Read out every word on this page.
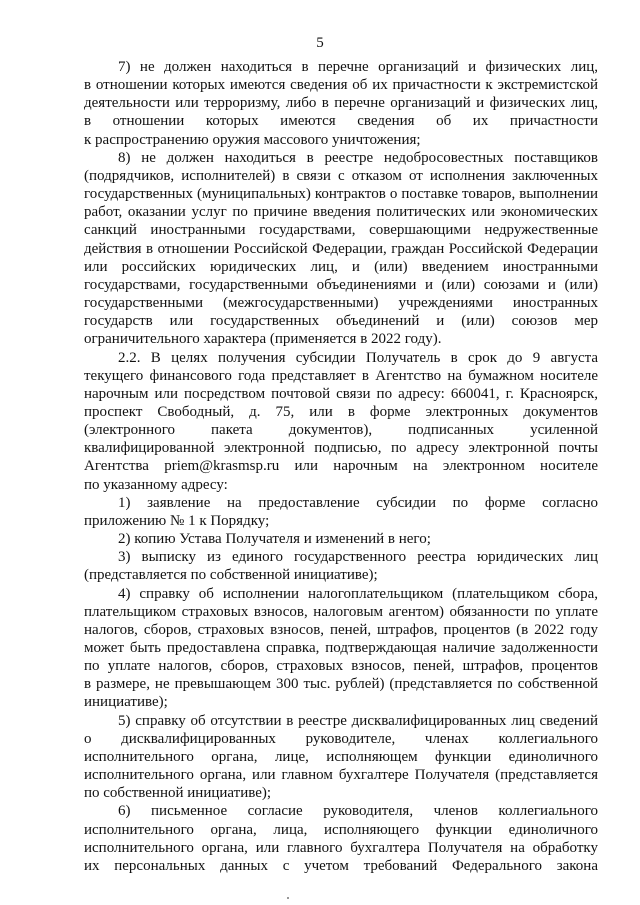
5
7) не должен находиться в перечне организаций и физических лиц,
в отношении которых имеются сведения об их причастности к экстремистской
деятельности или терроризму, либо в перечне организаций и физических лиц,
в отношении которых имеются сведения об их причастности
к распространению оружия массового уничтожения;
8) не должен находиться в реестре недобросовестных поставщиков
(подрядчиков, исполнителей) в связи с отказом от исполнения заключенных
государственных (муниципальных) контрактов о поставке товаров, выполнении
работ, оказании услуг по причине введения политических или экономических
санкций иностранными государствами, совершающими недружественные
действия в отношении Российской Федерации, граждан Российской Федерации
или российских юридических лиц, и (или) введением иностранными
государствами, государственными объединениями и (или) союзами и (или)
государственными (межгосударственными) учреждениями иностранных
государств или государственных объединений и (или) союзов мер
ограничительного характера (применяется в 2022 году).
2.2. В целях получения субсидии Получатель в срок до 9 августа
текущего финансового года представляет в Агентство на бумажном носителе
нарочным или посредством почтовой связи по адресу: 660041, г. Красноярск,
проспект Свободный, д. 75, или в форме электронных документов
(электронного пакета документов), подписанных усиленной
квалифицированной электронной подписью, по адресу электронной почты
Агентства priem@krasmsp.ru или нарочным на электронном носителе
по указанному адресу:
1) заявление на предоставление субсидии по форме согласно
приложению № 1 к Порядку;
2) копию Устава Получателя и изменений в него;
3) выписку из единого государственного реестра юридических лиц
(представляется по собственной инициативе);
4) справку об исполнении налогоплательщиком (плательщиком сбора,
плательщиком страховых взносов, налоговым агентом) обязанности по уплате
налогов, сборов, страховых взносов, пеней, штрафов, процентов (в 2022 году
может быть предоставлена справка, подтверждающая наличие задолженности
по уплате налогов, сборов, страховых взносов, пеней, штрафов, процентов
в размере, не превышающем 300 тыс. рублей) (представляется по собственной
инициативе);
5) справку об отсутствии в реестре дисквалифицированных лиц сведений
о дисквалифицированных руководителе, членах коллегиального
исполнительного органа, лице, исполняющем функции единоличного
исполнительного органа, или главном бухгалтере Получателя (представляется
по собственной инициативе);
6) письменное согласие руководителя, членов коллегиального
исполнительного органа, лица, исполняющего функции единоличного
исполнительного органа, или главного бухгалтера Получателя на обработку
их персональных данных с учетом требований Федерального закона
